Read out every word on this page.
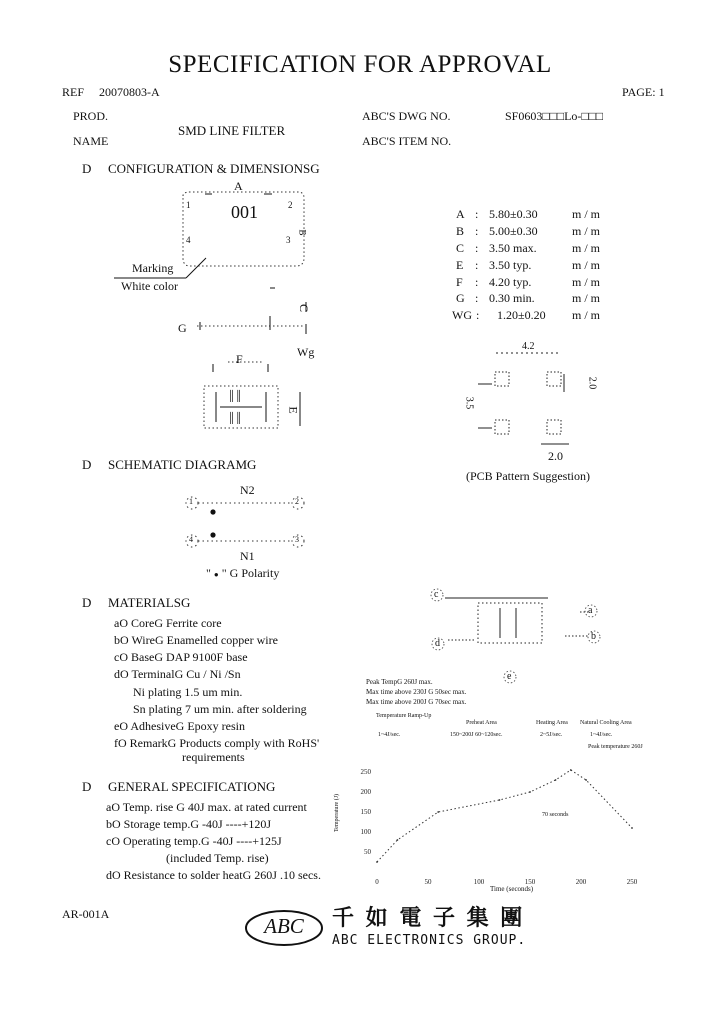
SPECIFICATION FOR APPROVAL
REF 20070803-A	PAGE: 1
PROD.
NAME
SMD LINE FILTER
ABC'S DWG NO.	SF0603□□□Lo-□□□
ABC'S ITEM NO.
D CONFIGURATION & DIMENSIONSG
A
001
1	2
3
4
B
C
G
Wg
F
E
║║
║║
Marking
White color
A : 5.80±0.30	m / m
B : 5.00±0.30	m / m
C : 3.50 max.	m / m
E : 3.50 typ.	m / m
F : 4.20 typ.	m / m
G : 0.30 min.	m / m
WG : 1.20±0.20 m / m
4.2
3.5
2.0
2.0
(PCB Pattern Suggestion)
D SCHEMATIC DIAGRAMG
N2
N1
1	2
3
4
" ● " G Polarity
D MATERIALSG
aO CoreG Ferrite core
bO WireG Enamelled copper wire
cO BaseG DAP 9100F base
dO TerminalG Cu / Ni /Sn
Ni plating 1.5 um min.
Sn plating 7 um min. after soldering
eO AdhesiveG Epoxy resin
fO RemarkG Products comply with RoHS'
requirements
c
a
b
d
e
Peak TempG 260J max.
Max time above 230J G 50sec max.
Max time above 200J G 70sec max.
Temperature Ramp-Up
Preheat Area	Heating Area Natural Cooling Area
1~4J/sec.	150~200J 60~120sec.	2~5J/sec.	1~4J/sec.
Peak temperature 260J
70 seconds
Temperature (J)
Time (seconds)
0	50	100	150	200	250
250
200
150
100
50
D GENERAL SPECIFICATIONG
aO Temp. rise G 40J max. at rated current
bO Storage temp.G -40J ----+120J
cO Operating temp.G -40J ----+125J
(included Temp. rise)
dO Resistance to solder heatG 260J .10 secs.
AR-001A	ABC	千 如 電 子 集 團
ABC ELECTRONICS GROUP.
